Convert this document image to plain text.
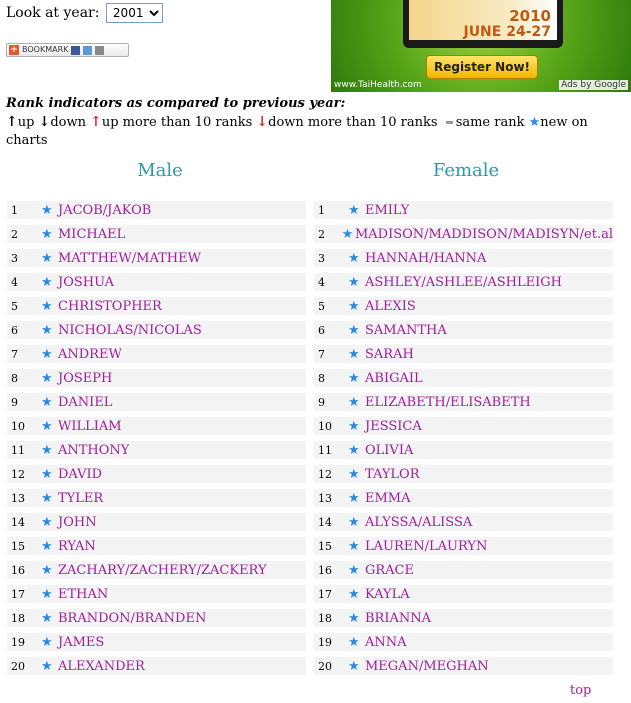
Look at year:
2001
+ BOOKMARK
2010
JUNE 24-27
Register Now!
www.TaiHealth.com	Ads by Google
Rank indicators as compared to previous year:
↑up ↓down ↑up more than 10 ranks ↓down more than 10 ranks same rank ★new on charts
Male	Female
1	★ JACOB/JAKOB
2	★ MICHAEL
3	★ MATTHEW/MATHEW
4	★ JOSHUA
5	★ CHRISTOPHER
6	★ NICHOLAS/NICOLAS
7	★ ANDREW
8	★ JOSEPH
9	★ DANIEL
10	★ WILLIAM
11	★ ANTHONY
12	★ DAVID
13	★ TYLER
14	★ JOHN
15	★ RYAN
16	★ ZACHARY/ZACHERY/ZACKERY
17	★ ETHAN
18	★ BRANDON/BRANDEN
19	★ JAMES
20	★ ALEXANDER
1	★ EMILY
2	★ MADISON/MADDISON/MADISYN/et.al
3	★ HANNAH/HANNA
4	★ ASHLEY/ASHLEE/ASHLEIGH
5	★ ALEXIS
6	★ SAMANTHA
7	★ SARAH
8	★ ABIGAIL
9	★ ELIZABETH/ELISABETH
10	★ JESSICA
11	★ OLIVIA
12	★ TAYLOR
13	★ EMMA
14	★ ALYSSA/ALISSA
15	★ LAUREN/LAURYN
16	★ GRACE
17	★ KAYLA
18	★ BRIANNA
19	★ ANNA
20	★ MEGAN/MEGHAN
top
